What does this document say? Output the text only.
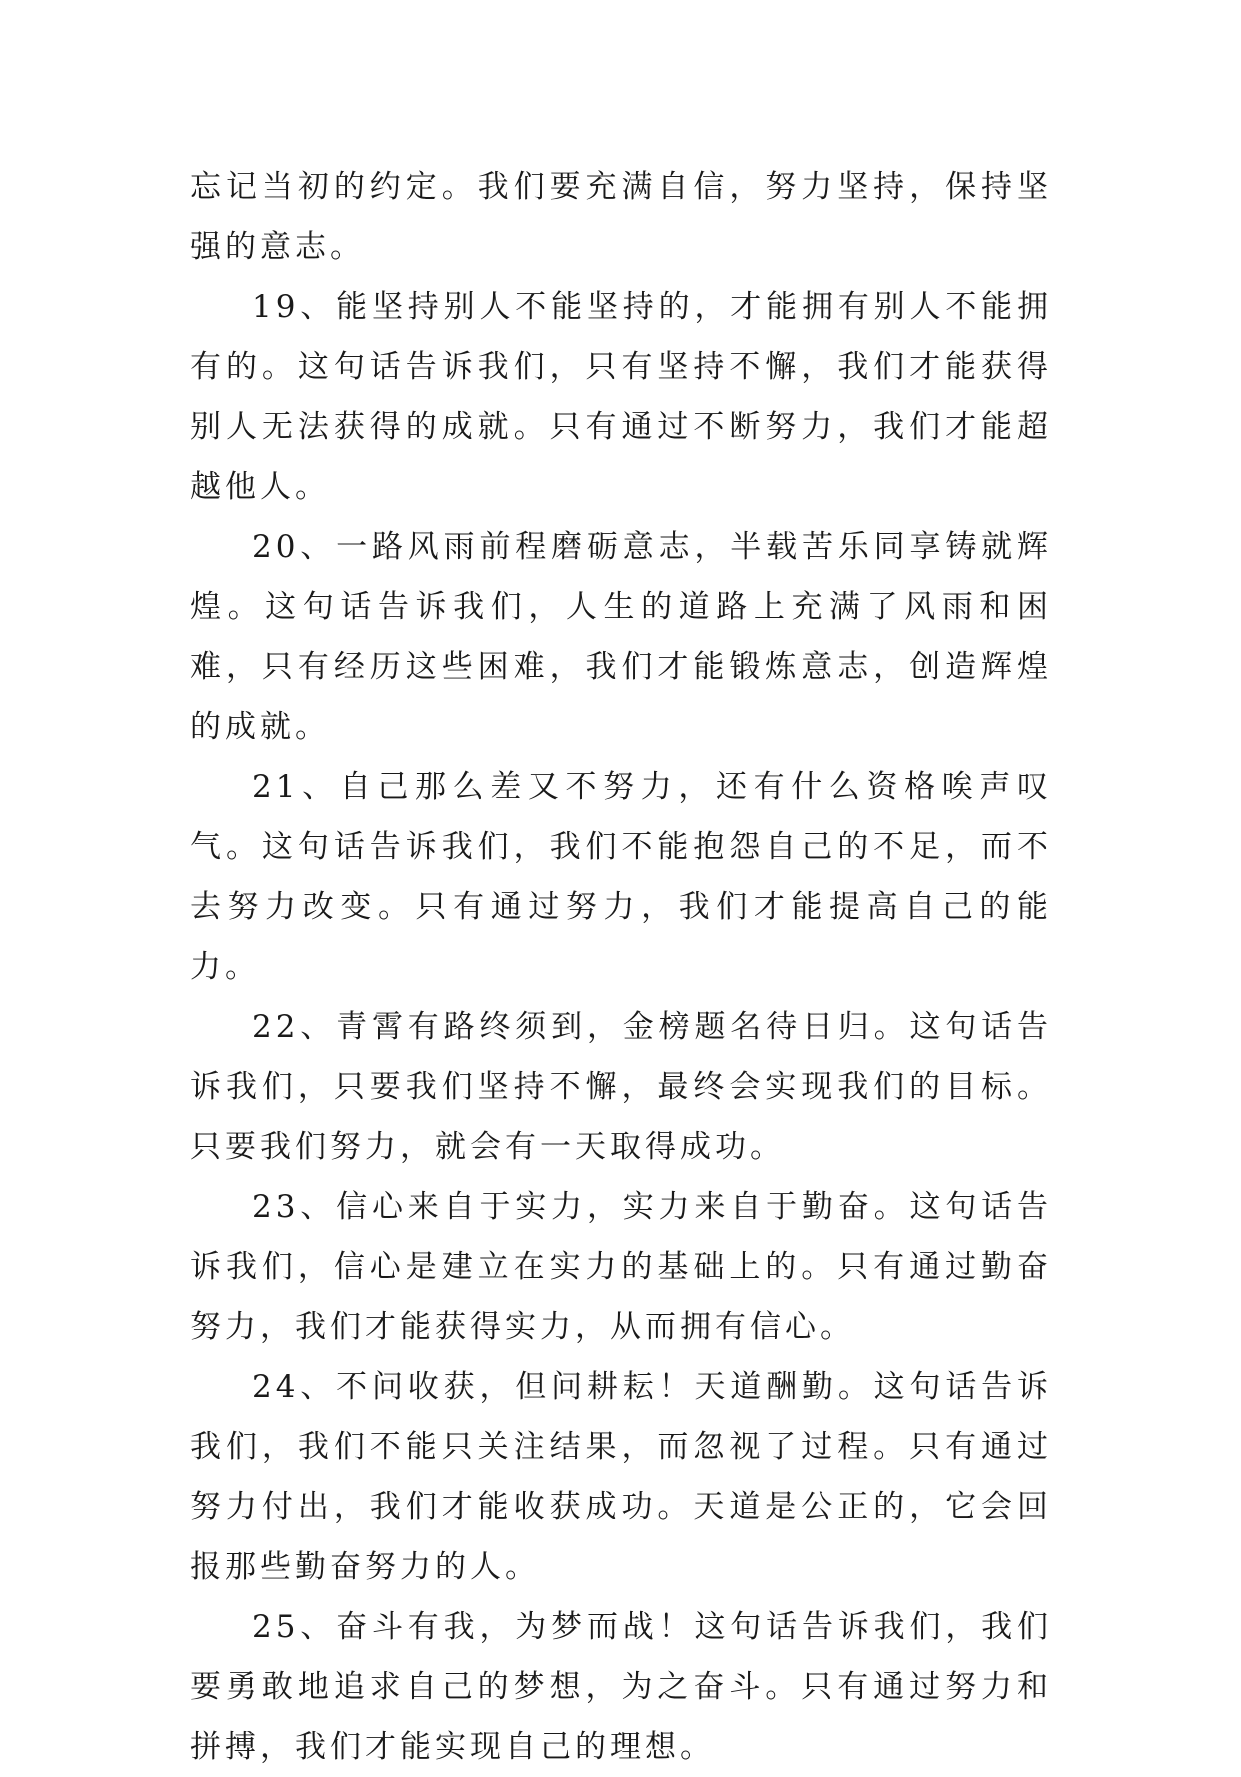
忘记当初的约定。我们要充满自信，努力坚持，保持坚强的意志。

19、能坚持别人不能坚持的，才能拥有别人不能拥有的。这句话告诉我们，只有坚持不懈，我们才能获得别人无法获得的成就。只有通过不断努力，我们才能超越他人。

20、一路风雨前程磨砺意志，半载苦乐同享铸就辉煌。这句话告诉我们，人生的道路上充满了风雨和困难，只有经历这些困难，我们才能锻炼意志，创造辉煌的成就。

21、自己那么差又不努力，还有什么资格唉声叹气。这句话告诉我们，我们不能抱怨自己的不足，而不去努力改变。只有通过努力，我们才能提高自己的能力。

22、青霄有路终须到，金榜题名待日归。这句话告诉我们，只要我们坚持不懈，最终会实现我们的目标。只要我们努力，就会有一天取得成功。

23、信心来自于实力，实力来自于勤奋。这句话告诉我们，信心是建立在实力的基础上的。只有通过勤奋努力，我们才能获得实力，从而拥有信心。

24、不问收获，但问耕耘！天道酬勤。这句话告诉我们，我们不能只关注结果，而忽视了过程。只有通过努力付出，我们才能收获成功。天道是公正的，它会回报那些勤奋努力的人。

25、奋斗有我，为梦而战！这句话告诉我们，我们要勇敢地追求自己的梦想，为之奋斗。只有通过努力和拼搏，我们才能实现自己的理想。
